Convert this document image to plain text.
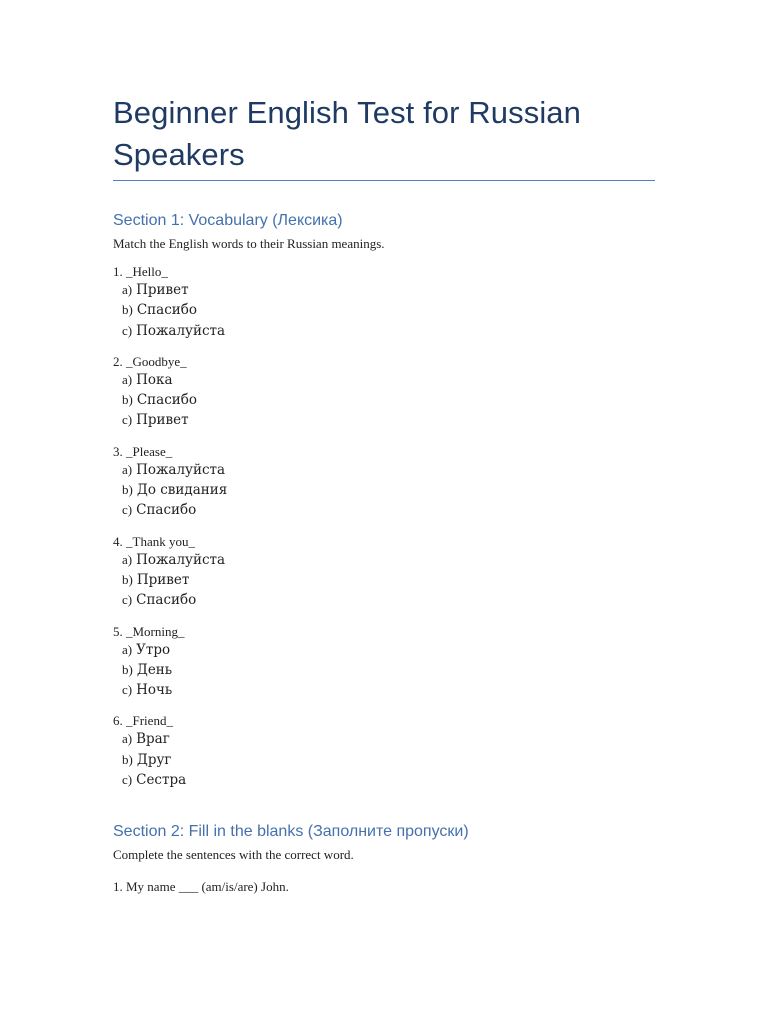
Beginner English Test for Russian Speakers
Section 1: Vocabulary (Лексика)
Match the English words to their Russian meanings.
1. _Hello_
a) Привет
b) Спасибо
c) Пожалуйста
2. _Goodbye_
a) Пока
b) Спасибо
c) Привет
3. _Please_
a) Пожалуйста
b) До свидания
c) Спасибо
4. _Thank you_
a) Пожалуйста
b) Привет
c) Спасибо
5. _Morning_
a) Утро
b) День
c) Ночь
6. _Friend_
a) Враг
b) Друг
c) Сестра
Section 2: Fill in the blanks (Заполните пропуски)
Complete the sentences with the correct word.
1. My name ___ (am/is/are) John.
